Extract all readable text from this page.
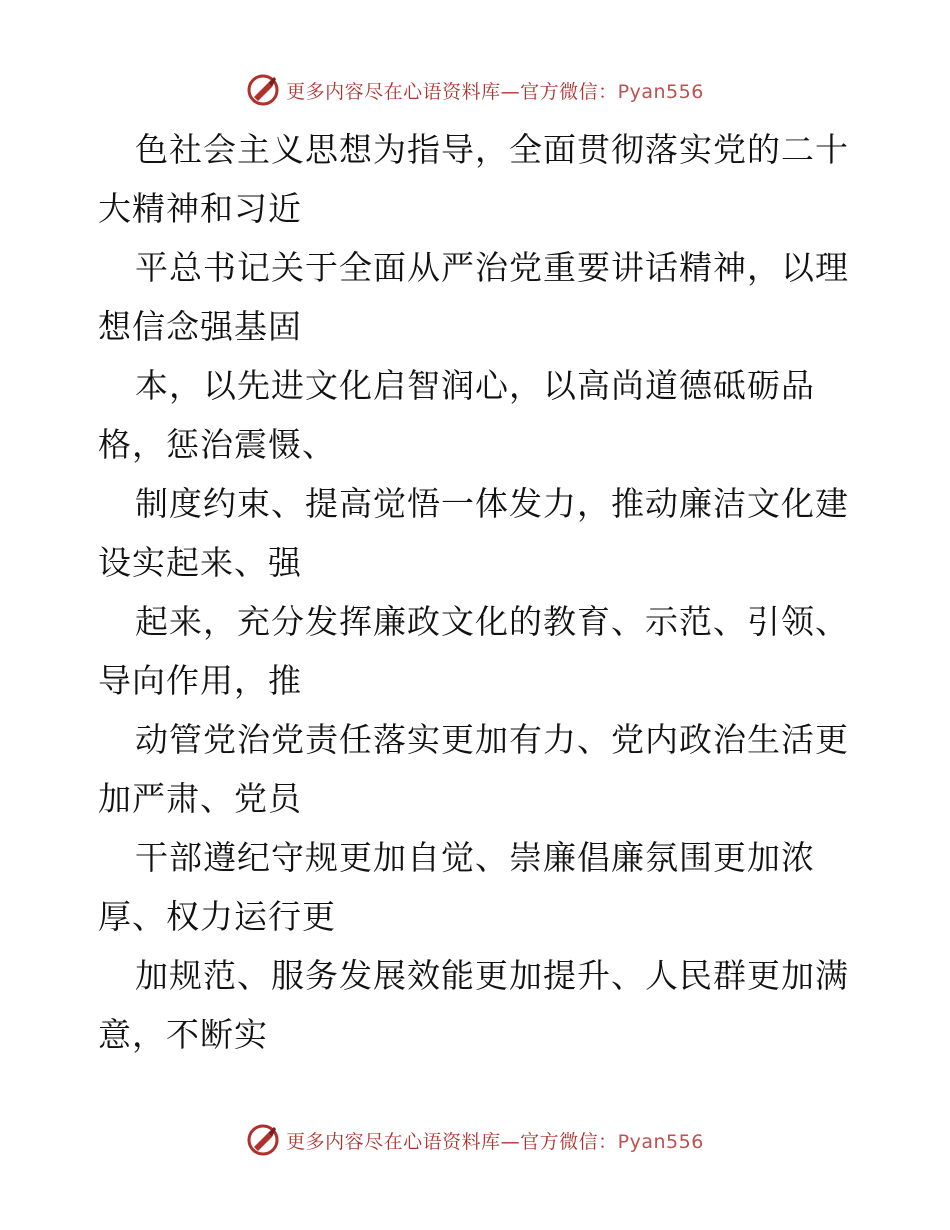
更多内容尽在心语资料库—官方微信：Pyan556
色社会主义思想为指导，全面贯彻落实党的二十
大精神和习近
平总书记关于全面从严治党重要讲话精神，以理
想信念强基固
本，以先进文化启智润心，以高尚道德砥砺品
格，惩治震慑、
制度约束、提高觉悟一体发力，推动廉洁文化建
设实起来、强
起来，充分发挥廉政文化的教育、示范、引领、
导向作用，推
动管党治党责任落实更加有力、党内政治生活更
加严肃、党员
干部遵纪守规更加自觉、崇廉倡廉氛围更加浓
厚、权力运行更
加规范、服务发展效能更加提升、人民群更加满
意，不断实
更多内容尽在心语资料库—官方微信：Pyan556
